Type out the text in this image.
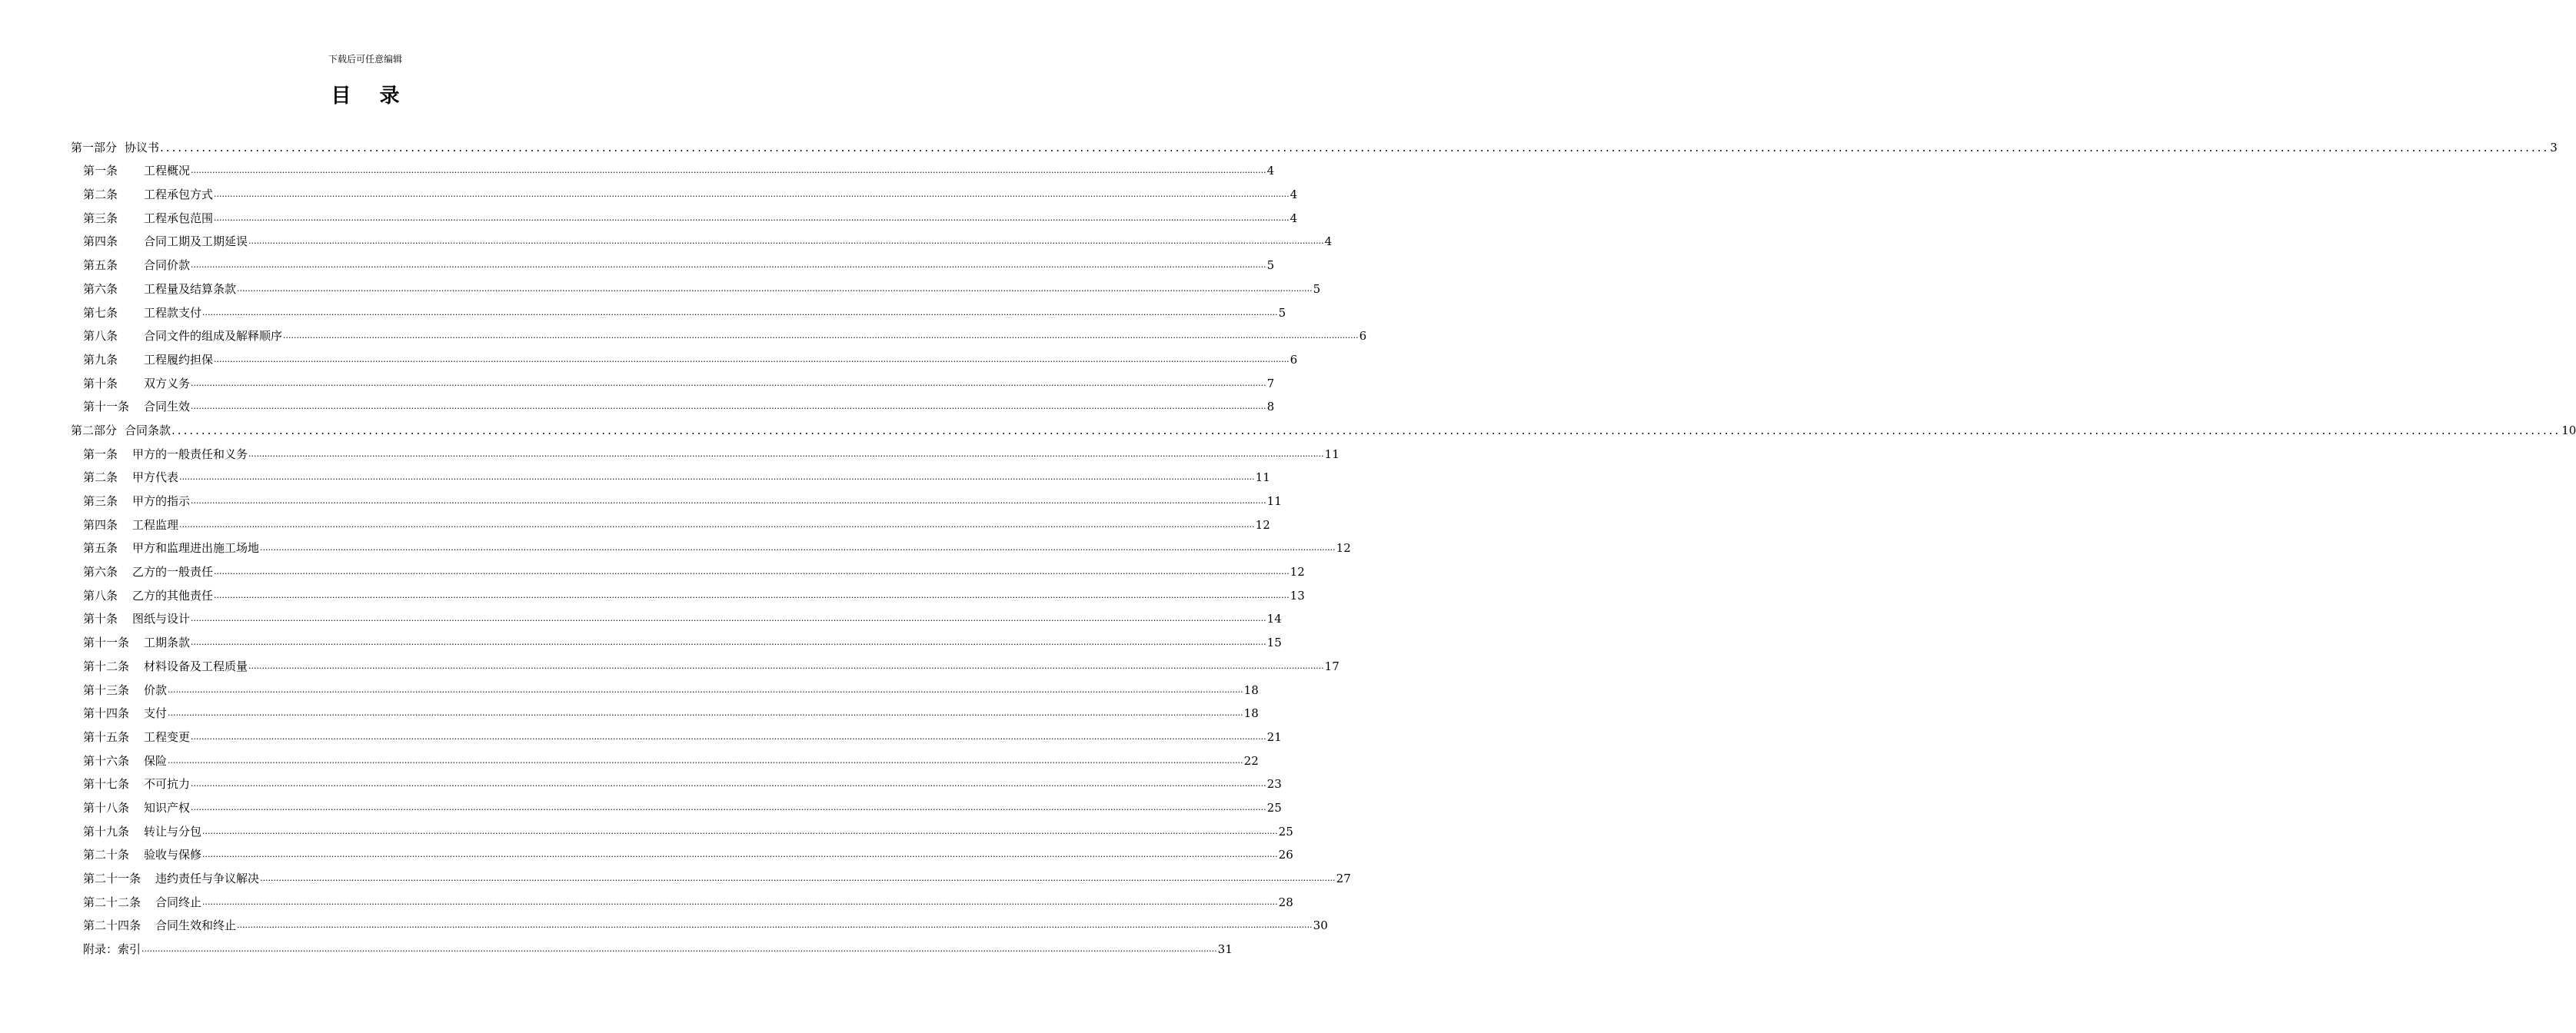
下载后可任意编辑
目 录
第一部分 协议书 ................................................................................................................................................................................................................................................................................................................................................................................................................ 3
第一条 工程概况 ................................................................................................................................................................................................................................................................................................................................................................................................................ 4
第二条 工程承包方式 ................................................................................................................................................................................................................................................................................................................................................................................................................ 4
第三条 工程承包范围 ................................................................................................................................................................................................................................................................................................................................................................................................................ 4
第四条 合同工期及工期延误 ................................................................................................................................................................................................................................................................................................................................................................................................................ 4
第五条 合同价款 ................................................................................................................................................................................................................................................................................................................................................................................................................ 5
第六条 工程量及结算条款 ................................................................................................................................................................................................................................................................................................................................................................................................................ 5
第七条 工程款支付 ................................................................................................................................................................................................................................................................................................................................................................................................................ 5
第八条 合同文件的组成及解释顺序 ................................................................................................................................................................................................................................................................................................................................................................................................................ 6
第九条 工程履约担保 ................................................................................................................................................................................................................................................................................................................................................................................................................ 6
第十条 双方义务 ................................................................................................................................................................................................................................................................................................................................................................................................................ 7
第十一条 合同生效 ................................................................................................................................................................................................................................................................................................................................................................................................................ 8
第二部分 合同条款 ................................................................................................................................................................................................................................................................................................................................................................................................................ 10
第一条 甲方的一般责任和义务 ................................................................................................................................................................................................................................................................................................................................................................................................................ 11
第二条 甲方代表 ................................................................................................................................................................................................................................................................................................................................................................................................................ 11
第三条 甲方的指示 ................................................................................................................................................................................................................................................................................................................................................................................................................ 11
第四条 工程监理 ................................................................................................................................................................................................................................................................................................................................................................................................................ 12
第五条 甲方和监理进出施工场地 ................................................................................................................................................................................................................................................................................................................................................................................................................ 12
第六条 乙方的一般责任 ................................................................................................................................................................................................................................................................................................................................................................................................................ 12
第八条 乙方的其他责任 ................................................................................................................................................................................................................................................................................................................................................................................................................ 13
第十条 图纸与设计 ................................................................................................................................................................................................................................................................................................................................................................................................................ 14
第十一条 工期条款 ................................................................................................................................................................................................................................................................................................................................................................................................................ 15
第十二条 材料设备及工程质量 ................................................................................................................................................................................................................................................................................................................................................................................................................ 17
第十三条 价款 ................................................................................................................................................................................................................................................................................................................................................................................................................ 18
第十四条 支付 ................................................................................................................................................................................................................................................................................................................................................................................................................ 18
第十五条 工程变更 ................................................................................................................................................................................................................................................................................................................................................................................................................ 21
第十六条 保险 ................................................................................................................................................................................................................................................................................................................................................................................................................ 22
第十七条 不可抗力 ................................................................................................................................................................................................................................................................................................................................................................................................................ 23
第十八条 知识产权 ................................................................................................................................................................................................................................................................................................................................................................................................................ 25
第十九条 转让与分包 ................................................................................................................................................................................................................................................................................................................................................................................................................ 25
第二十条 验收与保修 ................................................................................................................................................................................................................................................................................................................................................................................................................ 26
第二十一条 违约责任与争议解决 ................................................................................................................................................................................................................................................................................................................................................................................................................ 27
第二十二条 合同终止 ................................................................................................................................................................................................................................................................................................................................................................................................................ 28
第二十四条 合同生效和终止 ................................................................................................................................................................................................................................................................................................................................................................................................................ 30
附录： 索引 ................................................................................................................................................................................................................................................................................................................................................................................................................ 31
